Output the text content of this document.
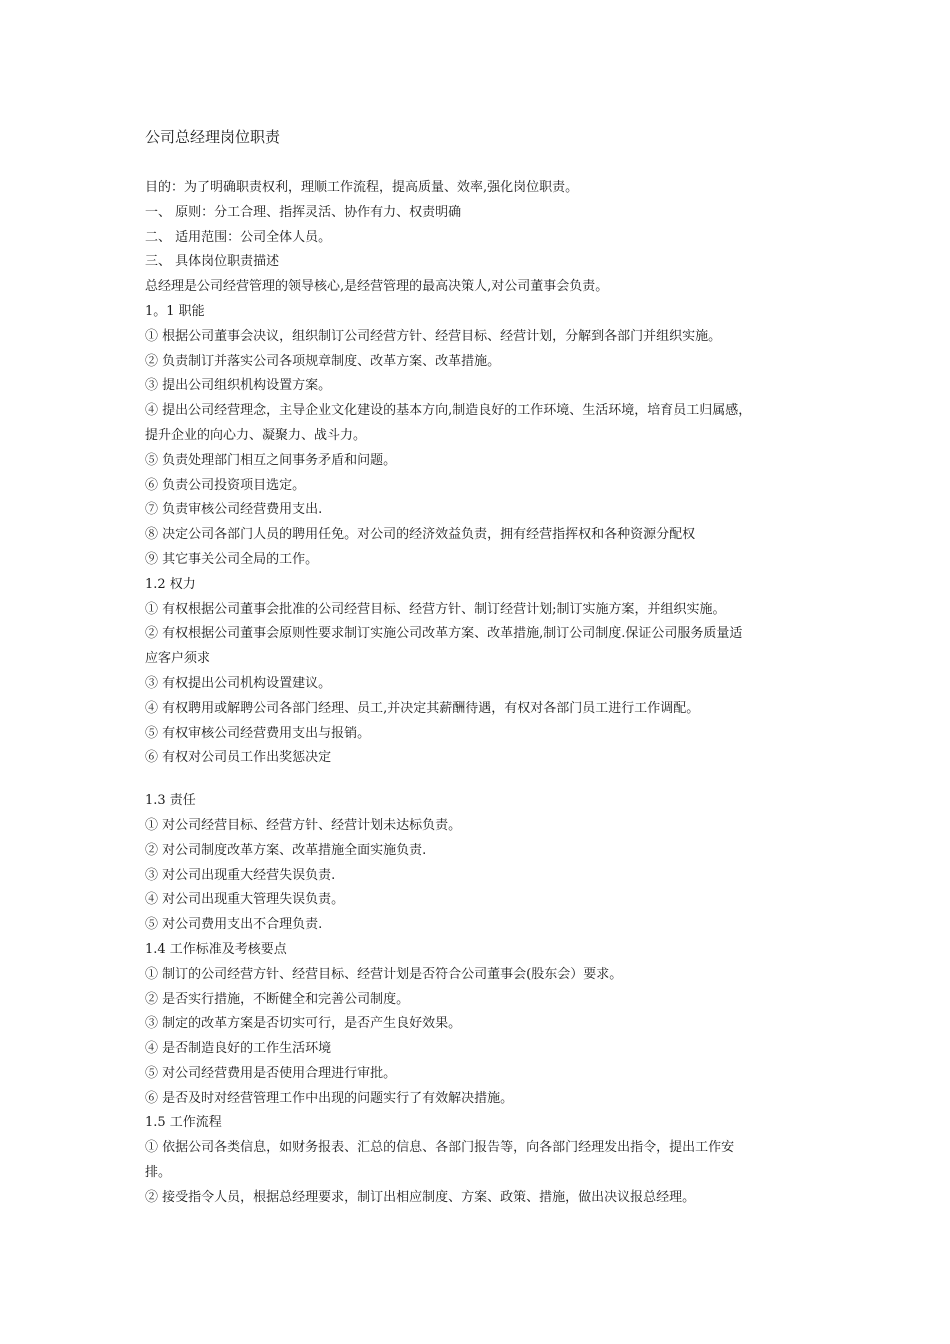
公司总经理岗位职责
目的：为了明确职责权利，理顺工作流程，提高质量、效率,强化岗位职责。
一、 原则：分工合理、指挥灵活、协作有力、权责明确
二、 适用范围：公司全体人员。
三、 具体岗位职责描述
总经理是公司经营管理的领导核心,是经营管理的最高决策人,对公司董事会负责。
1。1 职能
① 根据公司董事会决议，组织制订公司经营方针、经营目标、经营计划，分解到各部门并组织实施。
② 负责制订并落实公司各项规章制度、改革方案、改革措施。
③ 提出公司组织机构设置方案。
④ 提出公司经营理念，主导企业文化建设的基本方向,制造良好的工作环境、生活环境，培育员工归属感，
提升企业的向心力、凝聚力、战斗力。
⑤ 负责处理部门相互之间事务矛盾和问题。
⑥ 负责公司投资项目选定。
⑦ 负责审核公司经营费用支出.
⑧ 决定公司各部门人员的聘用任免。对公司的经济效益负责，拥有经营指挥权和各种资源分配权
⑨ 其它事关公司全局的工作。
1.2 权力
① 有权根据公司董事会批准的公司经营目标、经营方针、制订经营计划;制订实施方案，并组织实施。
② 有权根据公司董事会原则性要求制订实施公司改革方案、改革措施,制订公司制度.保证公司服务质量适
应客户须求
③ 有权提出公司机构设置建议。
④ 有权聘用或解聘公司各部门经理、员工,并决定其薪酬待遇，有权对各部门员工进行工作调配。
⑤ 有权审核公司经营费用支出与报销。
⑥ 有权对公司员工作出奖惩决定
1.3 责任
① 对公司经营目标、经营方针、经营计划未达标负责。
② 对公司制度改革方案、改革措施全面实施负责.
③ 对公司出现重大经营失误负责.
④ 对公司出现重大管理失误负责。
⑤ 对公司费用支出不合理负责.
1.4 工作标准及考核要点
① 制订的公司经营方针、经营目标、经营计划是否符合公司董事会(股东会）要求。
② 是否实行措施，不断健全和完善公司制度。
③ 制定的改革方案是否切实可行，是否产生良好效果。
④ 是否制造良好的工作生活环境
⑤ 对公司经营费用是否使用合理进行审批。
⑥ 是否及时对经营管理工作中出现的问题实行了有效解决措施。
1.5 工作流程
① 依据公司各类信息，如财务报表、汇总的信息、各部门报告等，向各部门经理发出指令，提出工作安
排。
② 接受指令人员，根据总经理要求，制订出相应制度、方案、政策、措施，做出决议报总经理。
